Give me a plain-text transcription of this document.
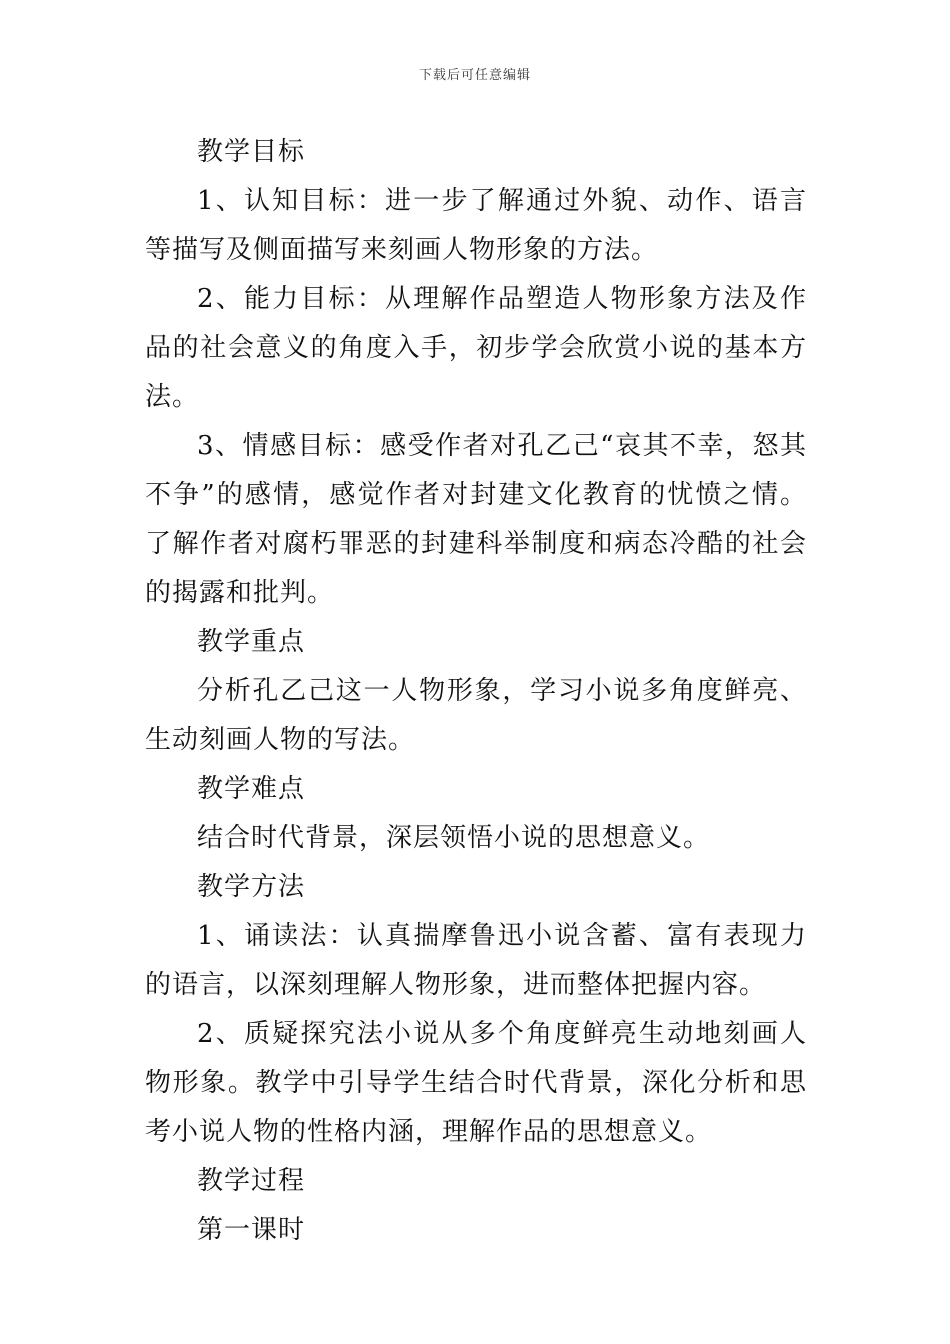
下载后可任意编辑

教学目标

1、认知目标：进一步了解通过外貌、动作、语言等描写及侧面描写来刻画人物形象的方法。

2、能力目标：从理解作品塑造人物形象方法及作品的社会意义的角度入手，初步学会欣赏小说的基本方法。

3、情感目标：感受作者对孔乙己“哀其不幸，怒其不争”的感情，感觉作者对封建文化教育的忧愤之情。了解作者对腐朽罪恶的封建科举制度和病态冷酷的社会的揭露和批判。

教学重点

分析孔乙己这一人物形象，学习小说多角度鲜亮、生动刻画人物的写法。

教学难点

结合时代背景，深层领悟小说的思想意义。

教学方法

1、诵读法：认真揣摩鲁迅小说含蓄、富有表现力的语言，以深刻理解人物形象，进而整体把握内容。

2、质疑探究法小说从多个角度鲜亮生动地刻画人物形象。教学中引导学生结合时代背景，深化分析和思考小说人物的性格内涵，理解作品的思想意义。

教学过程

第一课时
